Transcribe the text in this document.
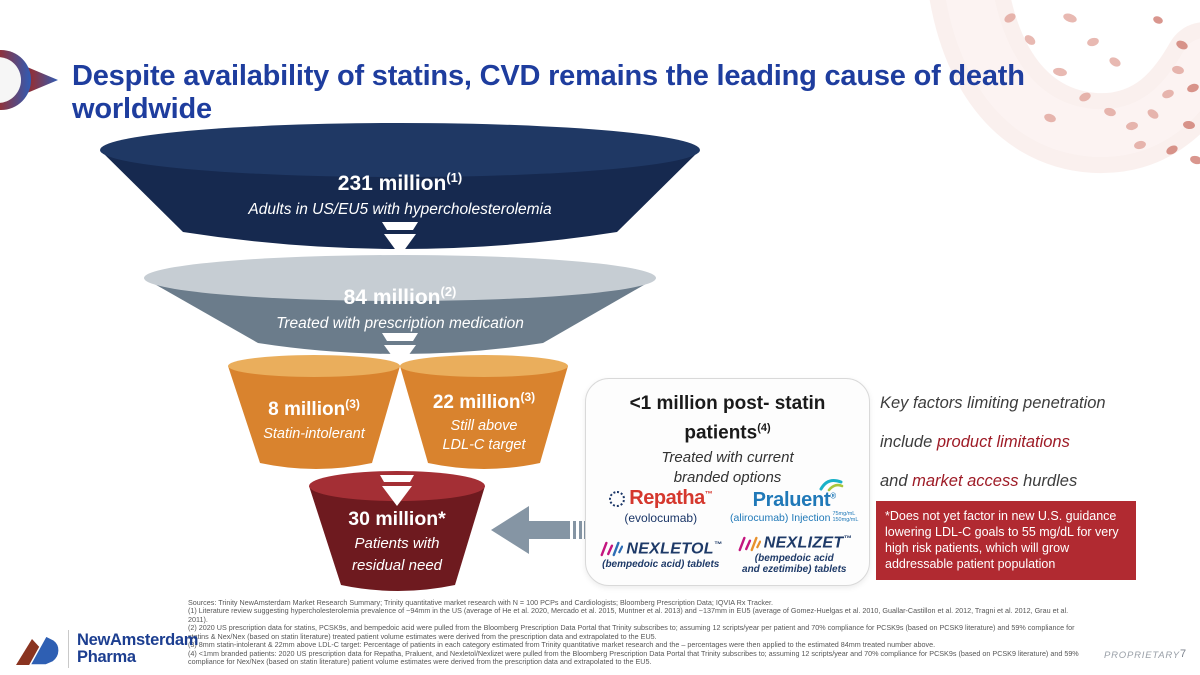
Despite availability of statins, CVD remains the leading cause of death worldwide
231 million$^{(1)}$
Adults in US/EU5 with hypercholesterolemia
84 million$^{(2)}$
Treated with prescription medication
8 million$^{(3)}$
Statin-intolerant
22 million$^{(3)}$
Still above
LDL-C target
30 million*
Patients with
residual need
<1 million post- statin
patients$^{(4)}$
Treated with current
branded options
Repatha™
(evolocumab)
Praluent®
(alirocumab) Injection 75mg/mL 150mg/mL
NEXLETOL™
(bempedoic acid) tablets
NEXLIZET™
(bempedoic acid
and ezetimibe) tablets
Key factors limiting penetration
include product limitations
and market access hurdles
*Does not yet factor in new U.S. guidance lowering LDL-C goals to 55 mg/dL for very high risk patients, which will grow addressable patient population

Sources: Trinity NewAmsterdam Market Research Summary; Trinity quantitative market research with N = 100 PCPs and Cardiologists; Bloomberg Prescription Data; IQVIA Rx Tracker.

(1) Literature review suggesting hypercholesterolemia prevalence of ~94mm in the US (average of He et al. 2020, Mercado et al. 2015, Muntner et al. 2013) and ~137mm in EU5 (average of Gomez-Huelgas et al. 2010, Guallar-Castillon et al. 2012, Tragni et al. 2012, Grau et al. 2011).

(2) 2020 US prescription data for statins, PCSK9s, and bempedoic acid were pulled from the Bloomberg Prescription Data Portal that Trinity subscribes to; assuming 12 scripts/year per patient and 70% compliance for PCSK9s (based on PCSK9 literature) and 59% compliance for statins & Nex/Nex (based on statin literature) treated patient volume estimates were derived from the prescription data and extrapolated to the EU5.

(3) 8mm statin-intolerant & 22mm above LDL-C target: Percentage of patients in each category estimated from Trinity quantitative market research and the – percentages were then applied to the estimated 84mm treated number above.

(4) <1mm branded patients: 2020 US prescription data for Repatha, Praluent, and Nexletol/Nexlizet were pulled from the Bloomberg Prescription Data Portal that Trinity subscribes to; assuming 12 scripts/year and 70% compliance for PCSK9s (based on PCSK9 literature) and 59% compliance for Nex/Nex (based on statin literature) patient volume estimates were derived from the prescription data and extrapolated to the EU5.

NewAmsterdam
Pharma	PROPRIETARY 7
